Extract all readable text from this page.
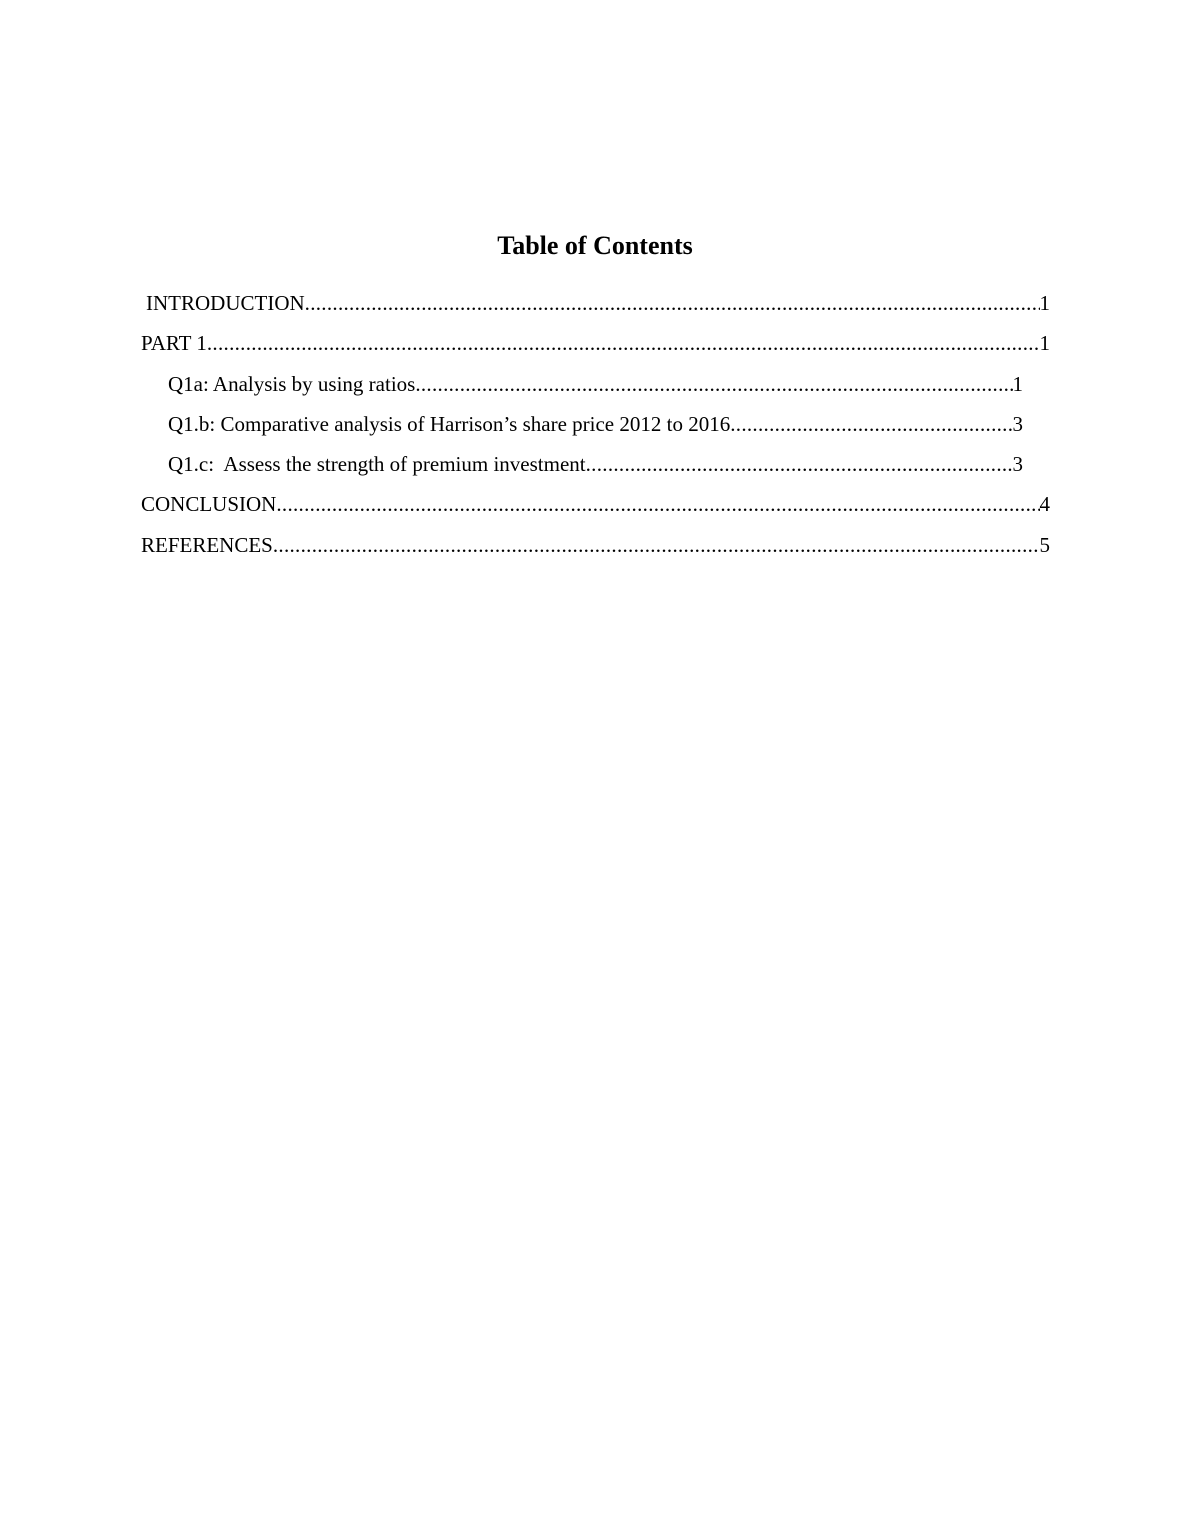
Table of Contents
INTRODUCTION .....	1
PART 1 .....	1
Q1a: Analysis by using ratios .....	1
Q1.b: Comparative analysis of Harrison’s share price 2012 to 2016 .....	3
Q1.c:  Assess the strength of premium investment .....	3
CONCLUSION .....	4
REFERENCES .....	5
